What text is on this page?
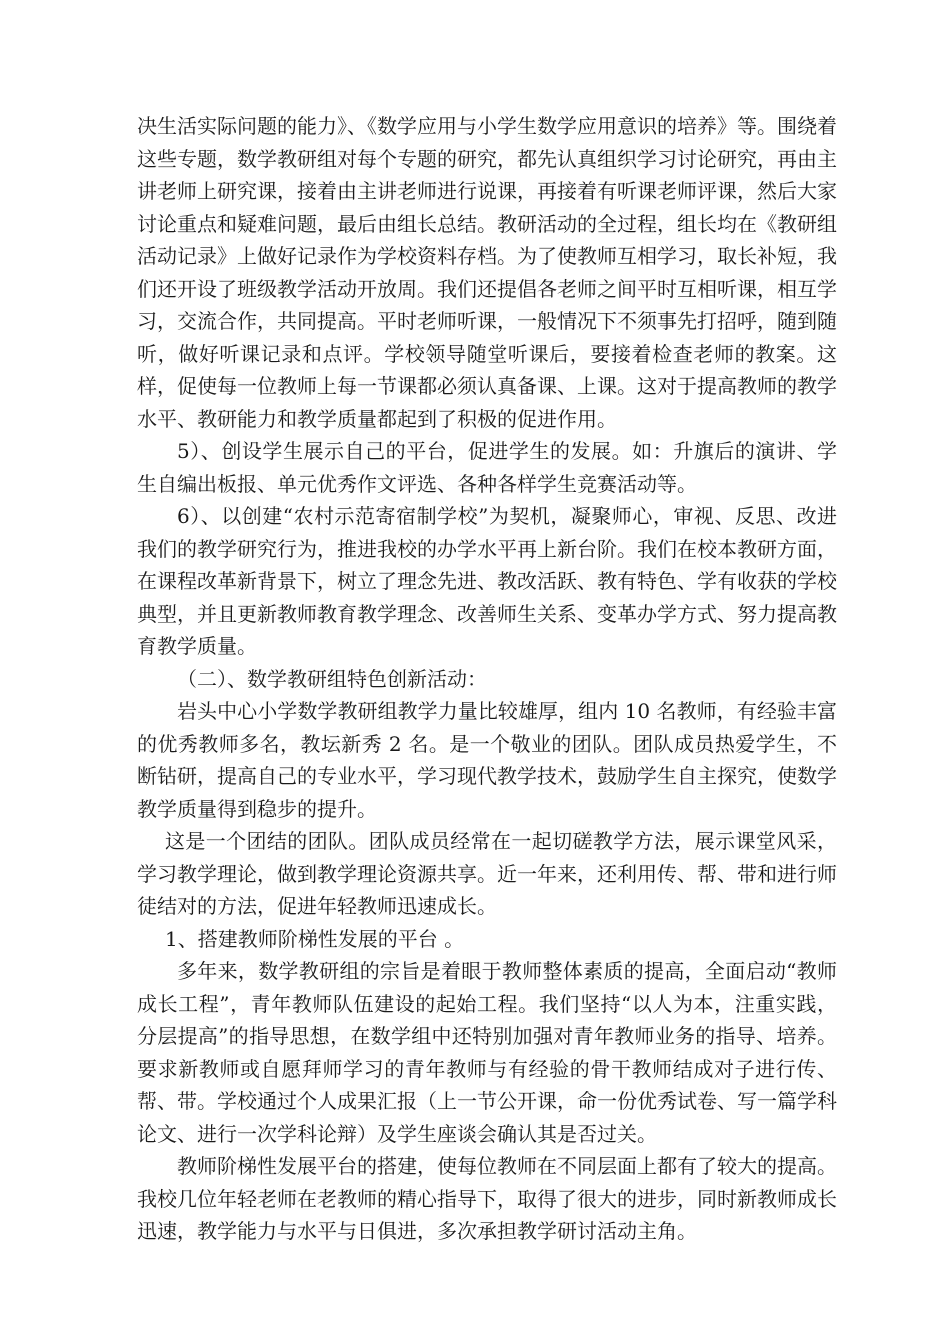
决生活实际问题的能力》、《数学应用与小学生数学应用意识的培养》等。围绕着这些专题，数学教研组对每个专题的研究，都先认真组织学习讨论研究，再由主讲老师上研究课，接着由主讲老师进行说课，再接着有听课老师评课，然后大家讨论重点和疑难问题，最后由组长总结。教研活动的全过程，组长均在《教研组活动记录》上做好记录作为学校资料存档。为了使教师互相学习，取长补短，我们还开设了班级教学活动开放周。我们还提倡各老师之间平时互相听课，相互学习，交流合作，共同提高。平时老师听课，一般情况下不须事先打招呼，随到随听，做好听课记录和点评。学校领导随堂听课后，要接着检查老师的教案。这样，促使每一位教师上每一节课都必须认真备课、上课。这对于提高教师的教学水平、教研能力和教学质量都起到了积极的促进作用。

5）、创设学生展示自己的平台，促进学生的发展。如：升旗后的演讲、学生自编出板报、单元优秀作文评选、各种各样学生竞赛活动等。

6）、以创建“农村示范寄宿制学校”为契机，凝聚师心，审视、反思、改进我们的教学研究行为，推进我校的办学水平再上新台阶。我们在校本教研方面，在课程改革新背景下，树立了理念先进、教改活跃、教有特色、学有收获的学校典型，并且更新教师教育教学理念、改善师生关系、变革办学方式、努力提高教育教学质量。

（二）、数学教研组特色创新活动：

岩头中心小学数学教研组教学力量比较雄厚，组内 10 名教师，有经验丰富的优秀教师多名，教坛新秀 2 名。是一个敬业的团队。团队成员热爱学生，不断钻研，提高自己的专业水平，学习现代教学技术，鼓励学生自主探究，使数学教学质量得到稳步的提升。

这是一个团结的团队。团队成员经常在一起切磋教学方法，展示课堂风采，学习教学理论，做到教学理论资源共享。近一年来，还利用传、帮、带和进行师徒结对的方法，促进年轻教师迅速成长。

1、搭建教师阶梯性发展的平台 。

多年来，数学教研组的宗旨是着眼于教师整体素质的提高，全面启动“教师成长工程”，青年教师队伍建设的起始工程。我们坚持“以人为本，注重实践，分层提高”的指导思想，在数学组中还特别加强对青年教师业务的指导、培养。要求新教师或自愿拜师学习的青年教师与有经验的骨干教师结成对子进行传、帮、带。学校通过个人成果汇报（上一节公开课，命一份优秀试卷、写一篇学科论文、进行一次学科论辩）及学生座谈会确认其是否过关。

教师阶梯性发展平台的搭建，使每位教师在不同层面上都有了较大的提高。我校几位年轻老师在老教师的精心指导下，取得了很大的进步，同时新教师成长迅速，教学能力与水平与日俱进，多次承担教学研讨活动主角。
